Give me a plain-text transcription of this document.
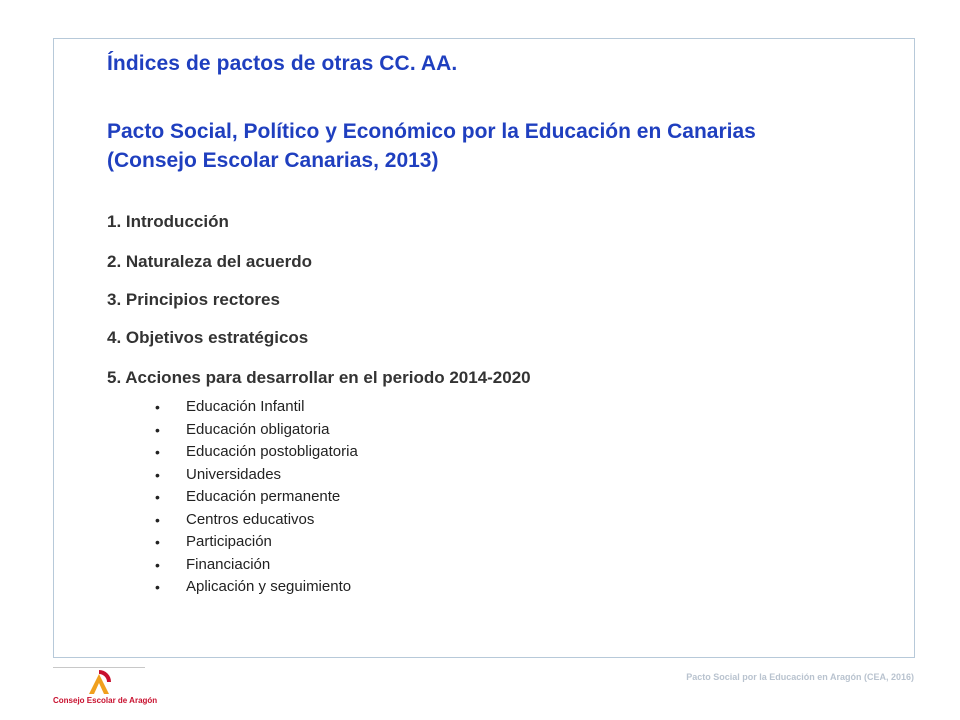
Índices de pactos de otras CC. AA.
Pacto Social, Político y Económico por la Educación en Canarias
(Consejo Escolar Canarias, 2013)
1. Introducción
2. Naturaleza del acuerdo
3. Principios rectores
4. Objetivos estratégicos
5. Acciones para desarrollar en el periodo 2014-2020
• Educación Infantil
• Educación obligatoria
• Educación postobligatoria
• Universidades
• Educación permanente
• Centros educativos
• Participación
• Financiación
• Aplicación y seguimiento
Consejo Escolar de Aragón
Pacto Social por la Educación en Aragón (CEA, 2016)
